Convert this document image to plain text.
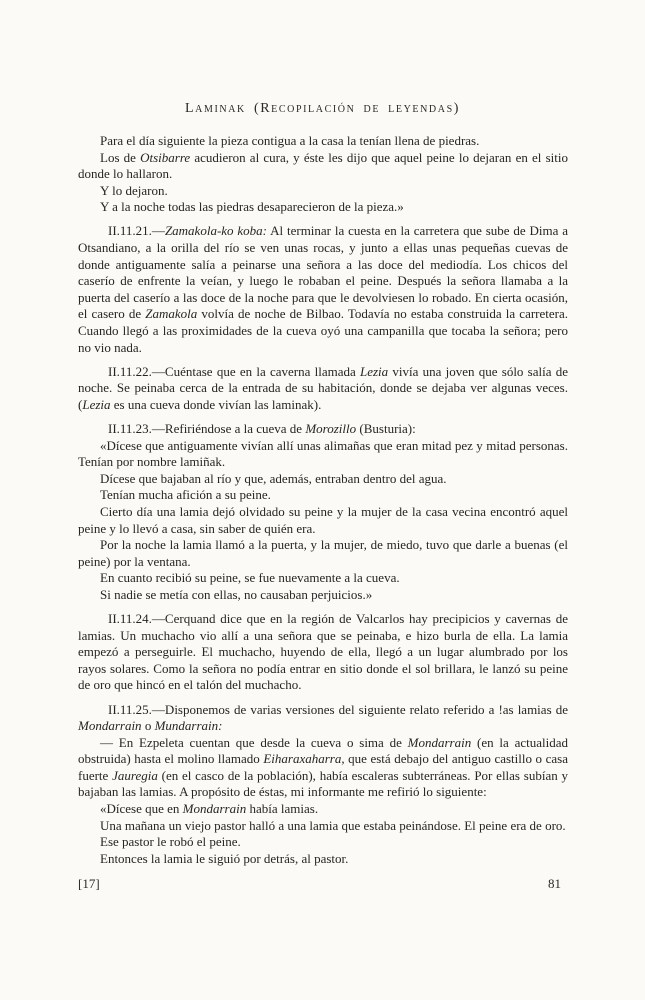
Laminak (Recopilación de leyendas)

Para el día siguiente la pieza contigua a la casa la tenían llena de piedras.

Los de Otsibarre acudieron al cura, y éste les dijo que aquel peine lo dejaran en el sitio donde lo hallaron.

Y lo dejaron.

Y a la noche todas las piedras desaparecieron de la pieza.»

II.11.21.—Zamakola-ko koba: Al terminar la cuesta en la carretera que sube de Dima a Otsandiano, a la orilla del río se ven unas rocas, y junto a ellas unas pequeñas cuevas de donde antiguamente salía a peinarse una señora a las doce del mediodía. Los chicos del caserío de enfrente la veían, y luego le robaban el peine. Después la señora llamaba a la puerta del caserío a las doce de la noche para que le devolviesen lo robado. En cierta ocasión, el casero de Zamakola volvía de noche de Bilbao. Todavía no estaba construida la carretera. Cuando llegó a las proximidades de la cueva oyó una campanilla que tocaba la señora; pero no vio nada.

II.11.22.—Cuéntase que en la caverna llamada Lezia vivía una joven que sólo salía de noche. Se peinaba cerca de la entrada de su habitación, donde se dejaba ver algunas veces. (Lezia es una cueva donde vivían las laminak).

II.11.23.—Refiriéndose a la cueva de Morozillo (Busturia):

«Dícese que antiguamente vivían allí unas alimañas que eran mitad pez y mitad personas. Tenían por nombre lamiñak.

Dícese que bajaban al río y que, además, entraban dentro del agua.

Tenían mucha afición a su peine.

Cierto día una lamia dejó olvidado su peine y la mujer de la casa vecina encontró aquel peine y lo llevó a casa, sin saber de quién era.

Por la noche la lamia llamó a la puerta, y la mujer, de miedo, tuvo que darle a buenas (el peine) por la ventana.

En cuanto recibió su peine, se fue nuevamente a la cueva.

Si nadie se metía con ellas, no causaban perjuicios.»

II.11.24.—Cerquand dice que en la región de Valcarlos hay precipicios y cavernas de lamias. Un muchacho vio allí a una señora que se peinaba, e hizo burla de ella. La lamia empezó a perseguirle. El muchacho, huyendo de ella, llegó a un lugar alumbrado por los rayos solares. Como la señora no podía entrar en sitio donde el sol brillara, le lanzó su peine de oro que hincó en el talón del muchacho.

II.11.25.—Disponemos de varias versiones del siguiente relato referido a !as lamias de Mondarrain o Mundarrain:

— En Ezpeleta cuentan que desde la cueva o sima de Mondarrain (en la actualidad obstruida) hasta el molino llamado Eiharaxaharra, que está debajo del antiguo castillo o casa fuerte Jauregia (en el casco de la población), había escaleras subterráneas. Por ellas subían y bajaban las lamias. A propósito de éstas, mi informante me refirió lo siguiente:

«Dícese que en Mondarrain había lamias.

Una mañana un viejo pastor halló a una lamia que estaba peinándose. El peine era de oro.

Ese pastor le robó el peine.

Entonces la lamia le siguió por detrás, al pastor.

[17]	81
